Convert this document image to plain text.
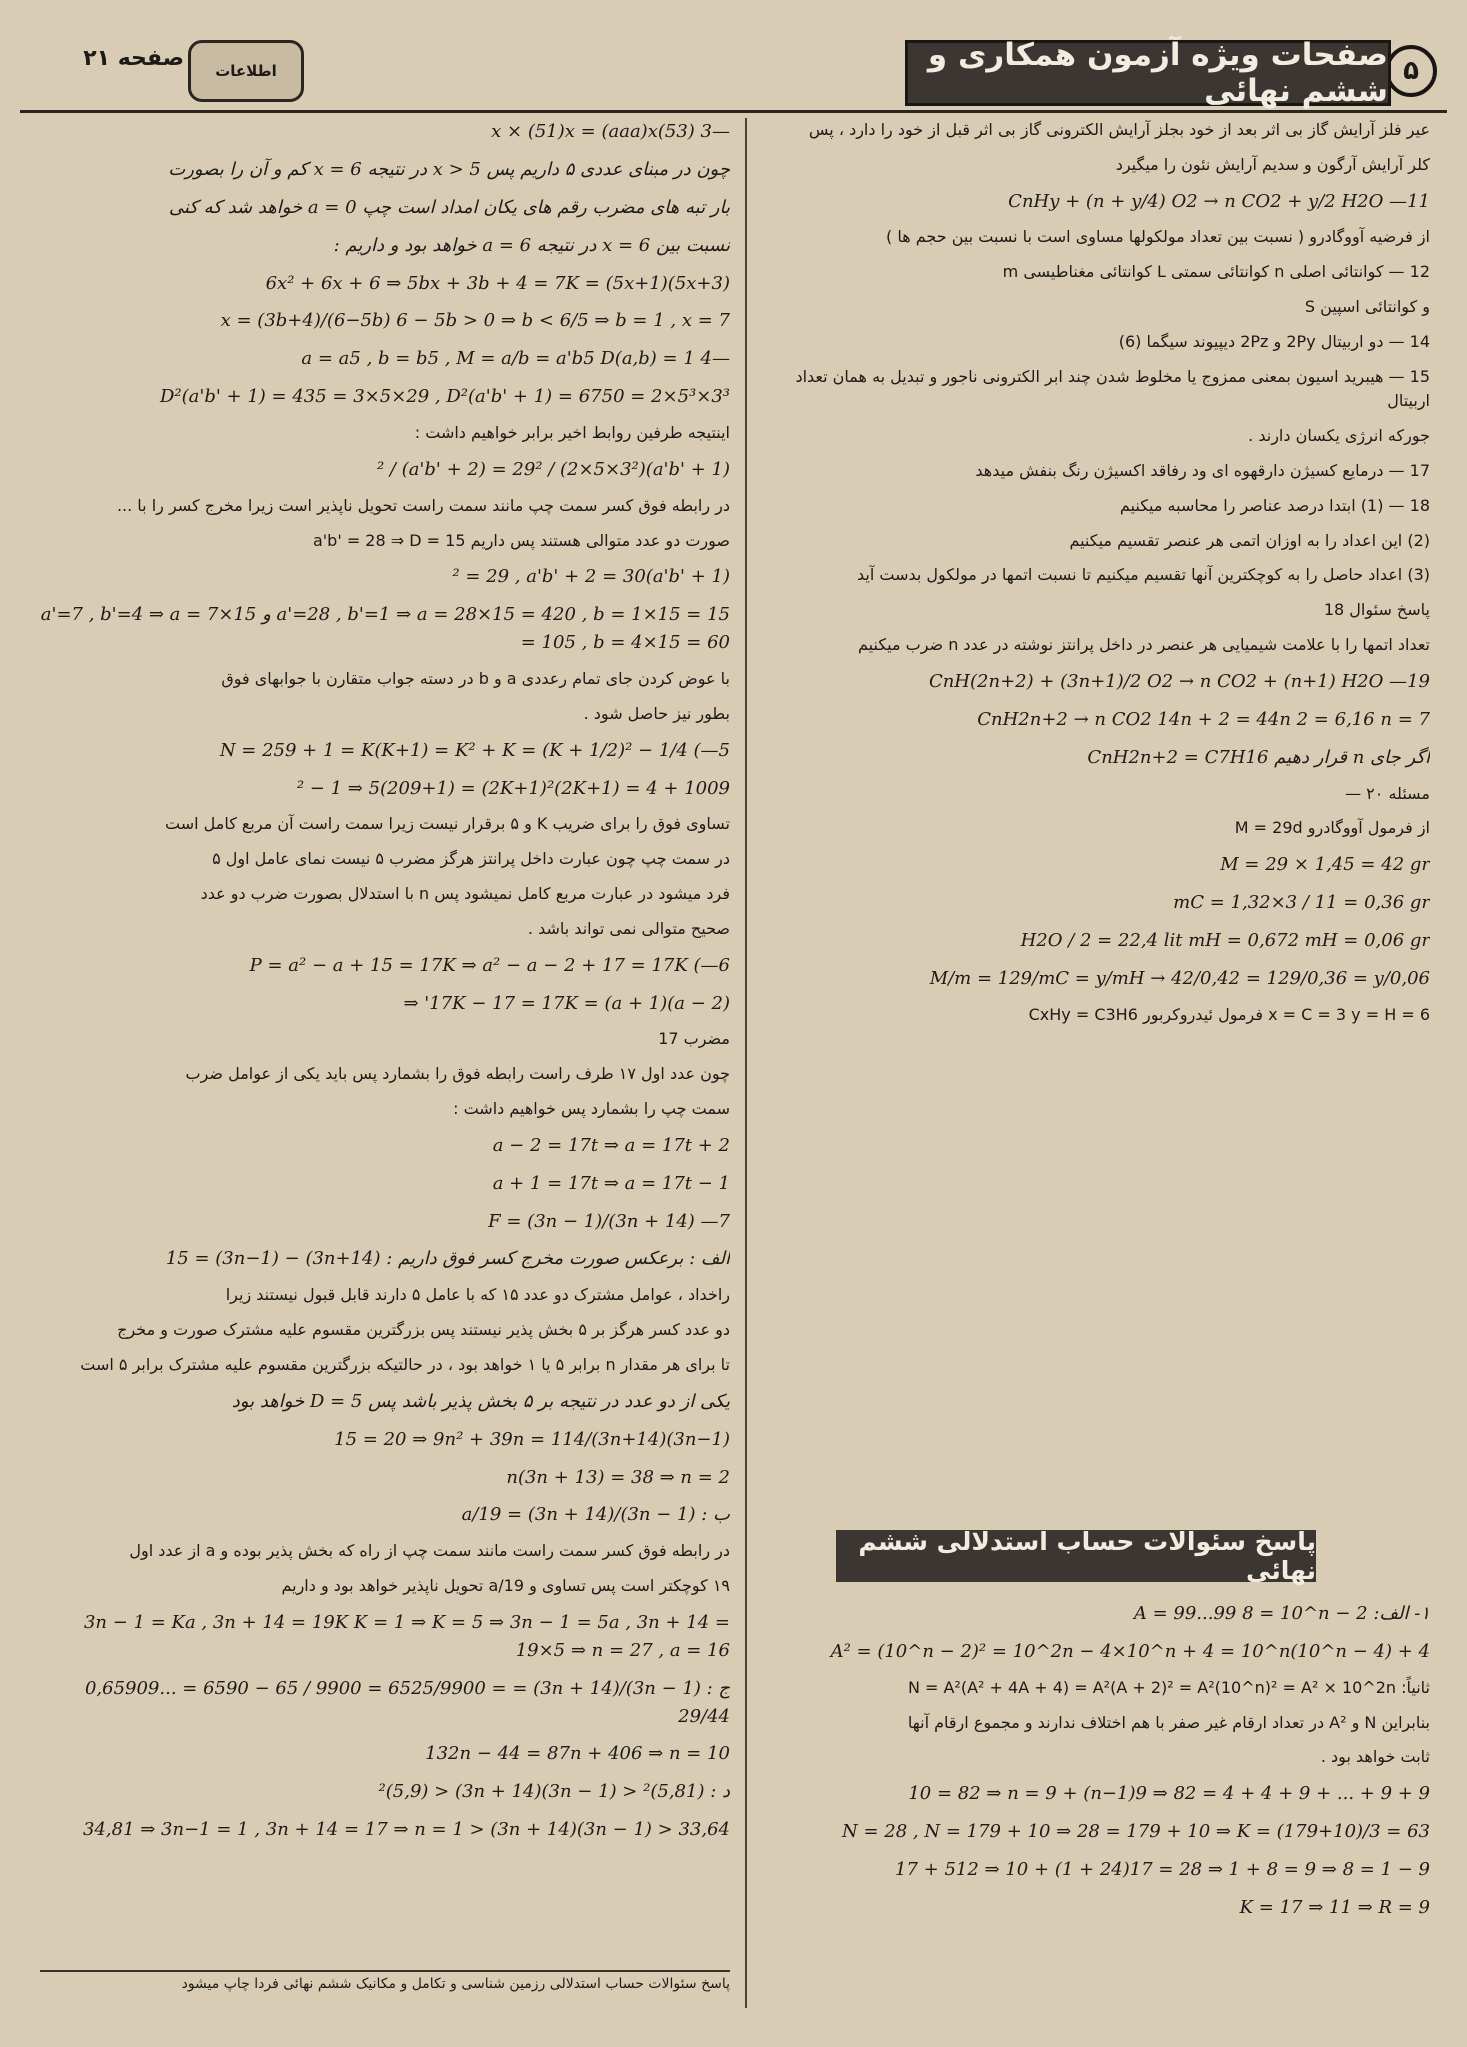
۵
صفحات ویژه آزمون همکاری و ششم نهائی
اطلاعات
صفحه ۲۱
عیر فلز آرایش گاز بی اثر بعد از خود بجلز آرایش الکترونی گاز بی اثر قبل از خود را دارد ، پس
کلر آرایش آرگون و سدیم آرایش نئون را میگیرد
CnHy + (n + y/4) O2 → n CO2 + y/2 H2O —11
از فرضیه آووگادرو ( نسبت بین تعداد مولکولها مساوی است با نسبت بین حجم ها )
12 — کوانتائی اصلی n کوانتائی سمتی L کوانتائی مغناطیسی m
و کوانتائی اسپین S
14 — دو اربیتال 2Py و 2Pz دیپیوند سیگما (6)
15 — هیبرید اسیون بمعنی ممزوج یا مخلوط شدن چند ابر الکترونی ناجور و تبدیل به همان تعداد اربیتال
جورکه انرژی یکسان دارند .
17 — درمایع کسیژن دارقهوه ای ود رفاقد اکسیژن رنگ بنفش میدهد
18 — (1) ابتدا درصد عناصر را محاسبه میکنیم
(2) این اعداد را به اوزان اتمی هر عنصر تقسیم میکنیم
(3) اعداد حاصل را به کوچکترین آنها تقسیم میکنیم تا نسبت اتمها در مولکول بدست آید
پاسخ سئوال 18
تعداد اتمها را با علامت شیمیایی هر عنصر در داخل پرانتز نوشته در عدد n ضرب میکنیم
CnH(2n+2) + (3n+1)/2 O2 → n CO2 + (n+1) H2O —19
CnH2n+2 → n CO2 14n + 2 = 44n 2 = 6,16 n = 7
اگر جای n قرار دهیم CnH2n+2 = C7H16
مسئله ۲۰ —
از فرمول آووگادرو M = 29d
M = 29 × 1,45 = 42 gr
mC = 1,32×3 / 11 = 0,36 gr
H2O / 2 = 22,4 lit mH = 0,672 mH = 0,06 gr
M/m = 129/mC = y/mH → 42/0,42 = 129/0,36 = y/0,06
x = C = 3 y = H = 6 فرمول ئیدروکربور CxHy = C3H6
پاسخ سئوالات حساب استدلالی ششم نهائی
۱- الف: A = 99...99 8 = 10^n − 2
A² = (10^n − 2)² = 10^2n − 4×10^n + 4 = 10^n(10^n − 4) + 4
ثانیاً: N = A²(A² + 4A + 4) = A²(A + 2)² = A²(10^n)² = A² × 10^2n
بنابراین N و A² در تعداد ارقام غیر صفر با هم اختلاف ندارند و مجموع ارقام آنها
ثابت خواهد بود .
9 + 9 + ... + 9 + 4 + 4 = 82 ⇒ 9(n−1) + 10 = 82 ⇒ n = 9
N = 28 , N = 179 + 10 ⇒ 28 = 179 + 10 ⇒ K = (179+10)/3 = 63
9 − 1 = 8 ⇒ 9 = 8 + 1 ⇒ 28 = 17(24 + 1) + 10 ⇒ 512 + 17
K = 17 ⇒ 11 ⇒ R = 9
—3 (53)x × (51)x = (aaa)x
چون در مبنای عددی ۵ داریم پس x > 5 در نتیجه x = 6 کم و آن را بصورت
بار تبه های مضرب رقم های یکان امداد است چپ a = 0 خواهد شد که کنی
نسبت بین x = 6 در نتیجه a = 6 خواهد بود و داریم :
(5x+3)(5x+1) = 6x² + 6x + 6 ⇒ 5bx + 3b + 4 = 7K
x = (3b+4)/(6−5b) 6 − 5b > 0 ⇒ b < 6/5 ⇒ b = 1 , x = 7
—4 a = a5 , b = b5 , M = a/b = a'b5 D(a,b) = 1
D²(a'b' + 1) = 435 = 3×5×29 , D²(a'b' + 1) = 6750 = 2×5³×3³
اینتیجه طرفین روابط اخیر برابر خواهیم داشت :
(a'b' + 1)² / (a'b' + 2) = 29² / (2×5×3²)
در رابطه فوق کسر سمت چپ مانند سمت راست تحویل ناپذیر است زیرا مخرج کسر را با ...
صورت دو عدد متوالی هستند پس داریم a'b' = 28 ⇒ D = 15
(a'b' + 1)² = 29 , a'b' + 2 = 30
a'=28 , b'=1 ⇒ a = 28×15 = 420 , b = 1×15 = 15 و a'=7 , b'=4 ⇒ a = 7×15 = 105 , b = 4×15 = 60
با عوض کردن جای تمام رعددی a و b در دسته جواب متقارن با جوابهای فوق
بطور نیز حاصل شود .
N = 259 + 1 = K(K+1) = K² + K = (K + 1/2)² − 1/4 (—5
1009 + 4 = (2K+1)² − 1 ⇒ 5(209+1) = (2K+1)²
تساوی فوق را برای ضریب K و ۵ برقرار نیست زیرا سمت راست آن مربع کامل است
در سمت چپ چون عبارت داخل پرانتز هرگز مضرب ۵ نیست نمای عامل اول ۵
فرد میشود در عبارت مربع کامل نمیشود پس n با استدلال بصورت ضرب دو عدد
صحیح متوالی نمی تواند باشد .
P = a² − a + 15 = 17K ⇒ a² − a − 2 + 17 = 17K (—6
(a − 2)(a + 1) = 17K − 17 = 17K' ⇒
مضرب 17
چون عدد اول ۱۷ طرف راست رابطه فوق را بشمارد پس باید یکی از عوامل ضرب
سمت چپ را بشمارد پس خواهیم داشت :
a − 2 = 17t ⇒ a = 17t + 2
a + 1 = 17t ⇒ a = 17t − 1
F = (3n − 1)/(3n + 14) —7
الف : برعکس صورت مخرج کسر فوق داریم : (3n+14) − (3n−1) = 15
راخداد ، عوامل مشترک دو عدد ۱۵ که با عامل ۵ دارند قابل قبول نیستند زیرا
دو عدد کسر هرگز بر ۵ بخش پذیر نیستند پس بزرگترین مقسوم علیه مشترک صورت و مخرج
تا برای هر مقدار n برابر ۵ یا ۱ خواهد بود ، در حالتیکه بزرگترین مقسوم علیه مشترک برابر ۵ است
یکی از دو عدد در نتیجه بر ۵ بخش پذیر باشد پس D = 5 خواهد بود
(3n−1)(3n+14)/15 = 20 ⇒ 9n² + 39n = 114
n(3n + 13) = 38 ⇒ n = 2
ب : (3n − 1)/(3n + 14) = a/19
در رابطه فوق کسر سمت راست مانند سمت چپ از راه که بخش پذیر بوده و a از عدد اول
۱۹ کوچکتر است پس تساوی و a/19 تحویل ناپذیر خواهد بود و داریم
3n − 1 = Ka , 3n + 14 = 19K K = 1 ⇒ K = 5 ⇒ 3n − 1 = 5a , 3n + 14 = 19×5 ⇒ n = 27 , a = 16
ج : (3n − 1)/(3n + 14) = 0,65909... = 6590 − 65 / 9900 = 6525/9900 = 29/44
132n − 44 = 87n + 406 ⇒ n = 10
د : (5,81)² < (3n − 1)(3n + 14) < (5,9)²
33,64 < (3n − 1)(3n + 14) < 34,81 ⇒ 3n−1 = 1 , 3n + 14 = 17 ⇒ n = 1
پاسخ سئوالات حساب استدلالی رزمین شناسی و تکامل و مکانیک ششم نهائی فردا چاپ میشود
